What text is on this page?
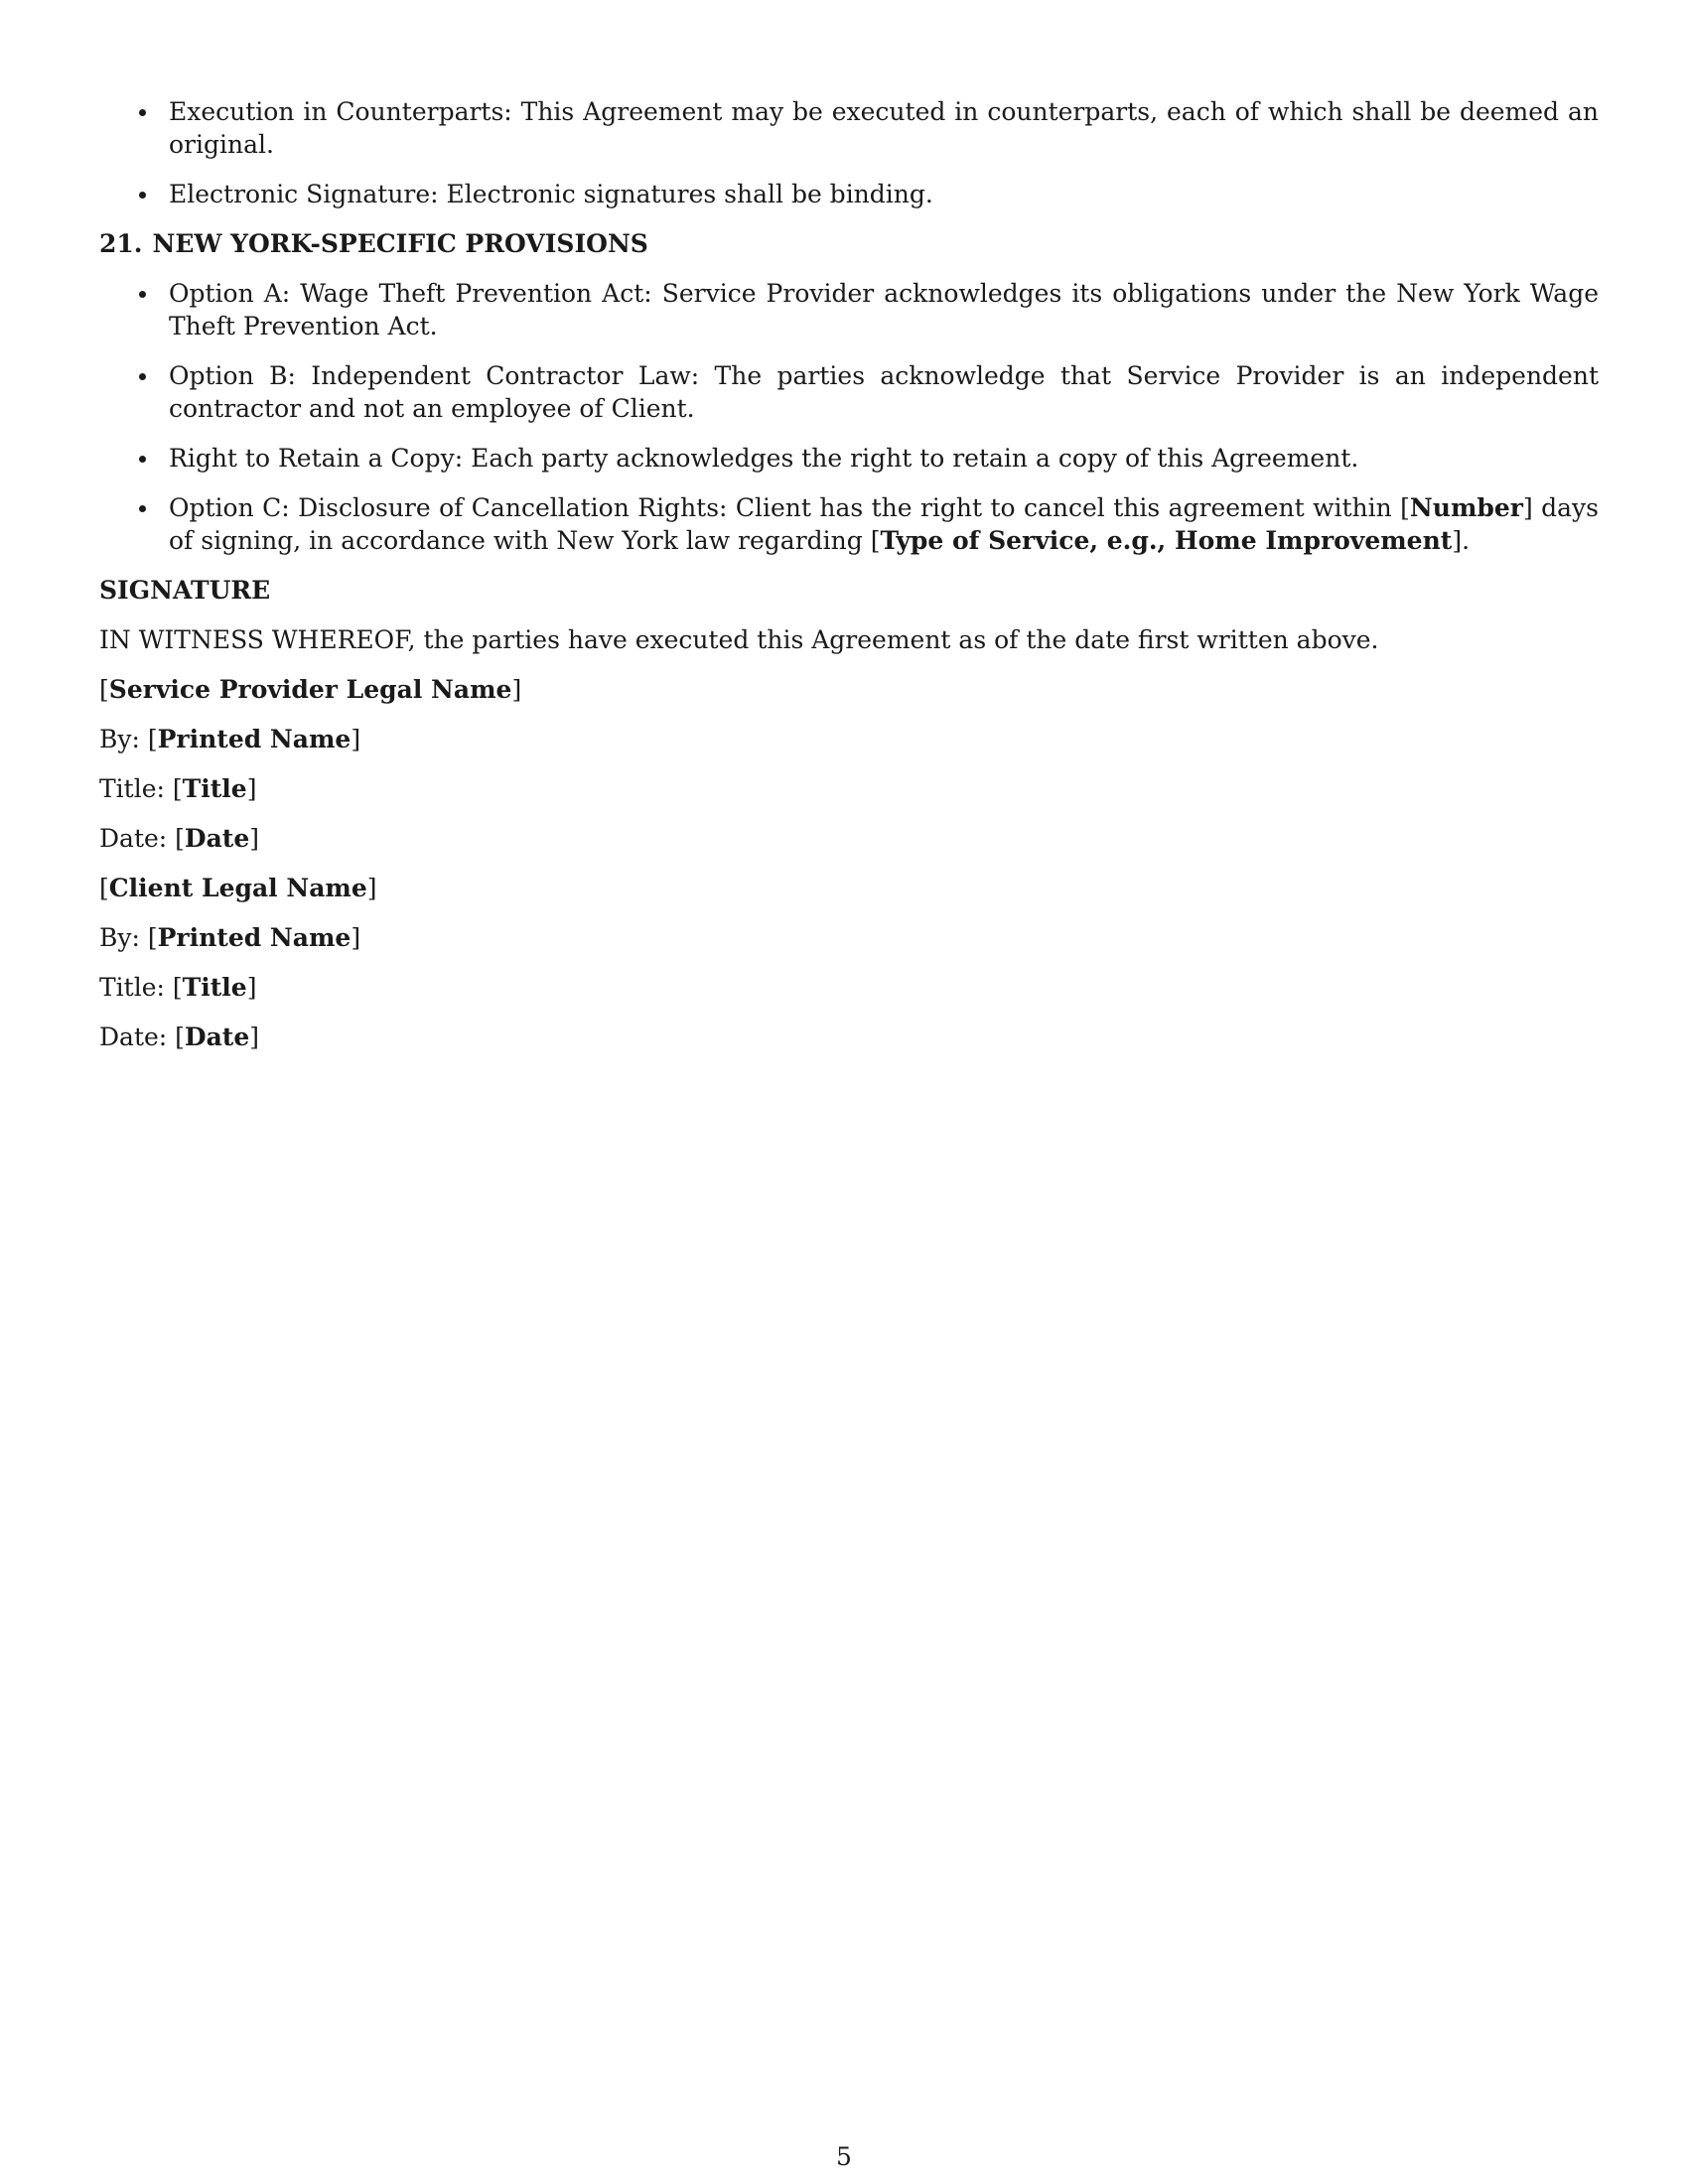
Execution in Counterparts: This Agreement may be executed in counterparts, each of which shall be deemed an original.
Electronic Signature: Electronic signatures shall be binding.
21. NEW YORK-SPECIFIC PROVISIONS
Option A: Wage Theft Prevention Act: Service Provider acknowledges its obligations under the New York Wage Theft Prevention Act.
Option B: Independent Contractor Law: The parties acknowledge that Service Provider is an independent contractor and not an employee of Client.
Right to Retain a Copy: Each party acknowledges the right to retain a copy of this Agreement.
Option C: Disclosure of Cancellation Rights: Client has the right to cancel this agreement within [Number] days of signing, in accordance with New York law regarding [Type of Service, e.g., Home Improvement].
SIGNATURE
IN WITNESS WHEREOF, the parties have executed this Agreement as of the date first written above.
[Service Provider Legal Name]
By: [Printed Name]
Title: [Title]
Date: [Date]
[Client Legal Name]
By: [Printed Name]
Title: [Title]
Date: [Date]
5
